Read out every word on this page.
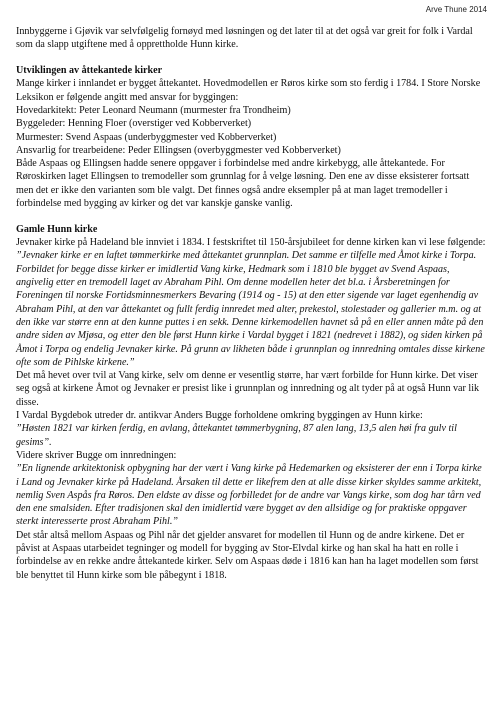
Arve Thune 2014

Innbyggerne i Gjøvik var selvfølgelig fornøyd med løsningen og det later til at det også var greit for folk i Vardal som da slapp utgiftene med å opprettholde Hunn kirke.

Utviklingen av åttekantede kirker

Mange kirker i innlandet er bygget åttekantet. Hovedmodellen er Røros kirke som sto ferdig i 1784. I Store Norske Leksikon er følgende angitt med ansvar for byggingen:

Hovedarkitekt: Peter Leonard Neumann (murmester fra Trondheim)

Byggeleder: Henning Floer (overstiger ved Kobberverket)

Murmester: Svend Aspaas (underbyggmester ved Kobberverket)

Ansvarlig for trearbeidene: Peder Ellingsen (overbyggmester ved Kobberverket)

Både Aspaas og Ellingsen hadde senere oppgaver i forbindelse med andre kirkebygg, alle åttekantede. For Røroskirken laget Ellingsen to tremodeller som grunnlag for å velge løsning. Den ene av disse eksisterer fortsatt men det er ikke den varianten som ble valgt. Det finnes også andre eksempler på at man laget tremodeller i forbindelse med bygging av kirker og det var kanskje ganske vanlig.

Gamle Hunn kirke

Jevnaker kirke på Hadeland ble innviet i 1834. I festskriftet til 150-årsjubileet for denne kirken kan vi lese følgende:

”Jevnaker kirke er en laftet tømmerkirke med åttekantet grunnplan. Det samme er tilfelle med Åmot kirke i Torpa. Forbildet for begge disse kirker er imidlertid Vang kirke, Hedmark som i 1810 ble bygget av Svend Aspaas, angivelig etter en tremodell laget av Abraham Pihl. Om denne modellen heter det bl.a. i Årsberetningen for Foreningen til norske Fortidsminnesmerkers Bevaring (1914 og - 15) at den etter sigende var laget egenhendig av Abraham Pihl, at den var åttekantet og fullt ferdig innredet med alter, prekestol, stolestader og gallerier m.m. og at den ikke var større enn at den kunne puttes i en sekk. Denne kirkemodellen havnet så på en eller annen måte på den andre siden av Mjøsa, og etter den ble først Hunn kirke i Vardal bygget i 1821 (nedrevet i 1882), og siden kirken på Åmot i Torpa og endelig Jevnaker kirke. På grunn av likheten både i grunnplan og innredning omtales disse kirkene ofte som de Pihlske kirkene.”

Det må hevet over tvil at Vang kirke, selv om denne er vesentlig større, har vært forbilde for Hunn kirke. Det viser seg også at kirkene Åmot og Jevnaker er presist like i grunnplan og innredning og alt tyder på at også Hunn var lik disse.

I Vardal Bygdebok utreder dr. antikvar Anders Bugge forholdene omkring byggingen av Hunn kirke:

”Høsten 1821 var kirken ferdig, en avlang, åttekantet tømmerbygning, 87 alen lang, 13,5 alen høi fra gulv til gesims”.

Videre skriver Bugge om innredningen:

”En lignende arkitektonisk opbygning har der vært i Vang kirke på Hedemarken og eksisterer der enn i Torpa kirke i Land og Jevnaker kirke på Hadeland. Årsaken til dette er likefrem den at alle disse kirker skyldes samme arkitekt, nemlig Sven Aspås fra Røros. Den eldste av disse og forbilledet for de andre var Vangs kirke, som dog har tårn ved den ene smalsiden. Efter tradisjonen skal den imidlertid være bygget av den allsidige og for praktiske oppgaver sterkt interesserte prost Abraham Pihl.”

Det står altså mellom Aspaas og Pihl når det gjelder ansvaret for modellen til Hunn og de andre kirkene. Det er påvist at Aspaas utarbeidet tegninger og modell for bygging av Stor-Elvdal kirke og han skal ha hatt en rolle i forbindelse av en rekke andre åttekantede kirker. Selv om Aspaas døde i 1816 kan han ha laget modellen som først ble benyttet til Hunn kirke som ble påbegynt i 1818.
